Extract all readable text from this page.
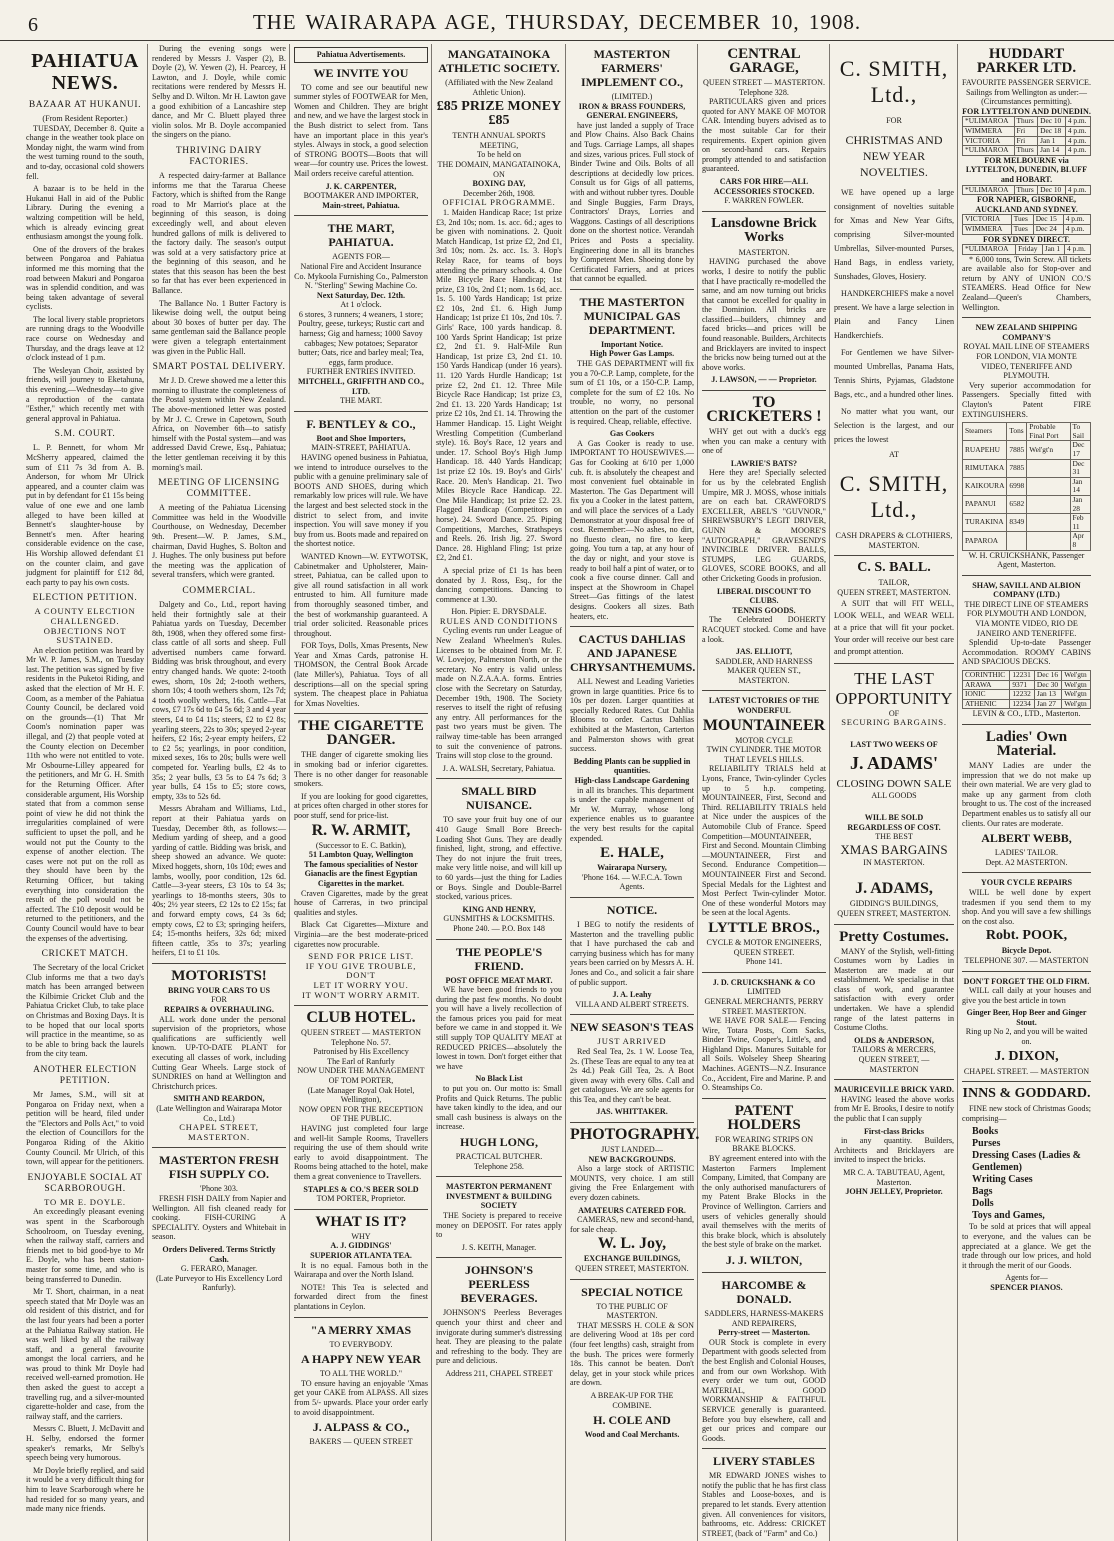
6	THE WAIRARAPA AGE, THURSDAY, DECEMBER 10, 1908.
PAHIATUA NEWS.
BAZAAR AT HUKANUI.
(From Resident Reporter.)

TUESDAY, December 8. Quite a change in the weather took place on Monday night, the warm wind from the west turning round to the south, and to-day, occasional cold showers fell.

A bazaar is to be held in the Hukanui Hall in aid of the Public Library. During the evening a waltzing competition will be held, which is already evincing great enthusiasm amongst the young folk.

One of the drovers of the brakes between Pongaroa and Pahiatua informed me this morning that the road between Makuri and Pongaroa was in splendid condition, and was being taken advantage of several cyclists.

The local livery stable proprietors are running drags to the Woodville race course on Wednesday and Thursday, and the drags leave at 12 o'clock instead of 1 p.m.

The Wesleyan Choir, assisted by friends, will journey to Eketahuna, this evening,—Wednesday—to give a reproduction of the cantata "Esther," which recently met with general approval in Pahiatua.

S.M. COURT.

L. P. Bennett, for whom Mr McSherry appeared, claimed the sum of £11 7s 3d from A. B. Anderson, for whom Mr Ulrick appeared, and a counter claim was put in by defendant for £1 15s being value of one ewe and one lamb alleged to have been killed at Bennett's slaughter-house by Bennett's men. After hearing considerable evidence on the case, His Worship allowed defendant £1 on the counter claim, and gave judgment for plaintiff for £12 8d, each party to pay his own costs.

ELECTION PETITION.
A COUNTY ELECTION CHALLENGED.
OBJECTIONS NOT SUSTAINED.

An election petition was heard by Mr W. P. James, S.M., on Tuesday last. The petition was signed by five residents in the Puketoi Riding, and asked that the election of Mr H. F. Coom, as a member of the Pahiatua County Council, be declared void on the grounds—(1) That Mr Coom's nomination paper was illegal, and (2) that people voted at the County election on December 11th who were not entitled to vote. Mr Osbourne-Lilley appeared for the petitioners, and Mr G. H. Smith for the Returning Officer. After considerable argument, His Worship stated that from a common sense point of view he did not think the irregularities complained of were sufficient to upset the poll, and he would not put the County to the expense of another election. The cases were not put on the roll as they should have been by the Returning Officer, but taking everything into consideration the result of the poll would not be affected. The £10 deposit would be returned to the petitioners, and the County Council would have to bear the expenses of the advertising.

CRICKET MATCH.

The Secretary of the local Cricket Club informs me that a two day's match has been arranged between the Kilbirnie Cricket Club and the Pahiatua Cricket Club, to take place on Christmas and Boxing Days. It is to be hoped that our local sports will practice in the meantime, so as to be able to bring back the laurels from the city team.

ANOTHER ELECTION PETITION.

Mr James, S.M., will sit at Pongaroa on Friday next, when a petition will be heard, filed under the "Electors and Polls Act," to void the election of Councillors for the Pongaroa Riding of the Akitio County Council. Mr Ulrich, of this town, will appear for the petitioners.

ENJOYABLE SOCIAL AT SCARBOROUGH.
TO MR E. DOYLE.

An exceedingly pleasant evening was spent in the Scarborough Schoolroom, on Tuesday evening, when the railway staff, carriers and friends met to bid good-bye to Mr E. Doyle, who has been station-master for some time, and who is being transferred to Dunedin.

Mr T. Short, chairman, in a neat speech stated that Mr Doyle was an old resident of this district, and for the last four years had been a porter at the Pahiatua Railway station. He was well liked by all the railway staff, and a general favourite amongst the local carriers, and he was proud to think Mr Doyle had received well-earned promotion. He then asked the guest to accept a travelling rug, and a silver-mounted cigarette-holder and case, from the railway staff, and the carriers.

Messrs C. Bluett, J. McDavitt and H. Selby, endorsed the former speaker's remarks, Mr Selby's speech being very humorous.

Mr Doyle briefly replied, and said it would be a very difficult thing for him to leave Scarborough where he had resided for so many years, and made many nice friends.

During the evening songs were rendered by Messrs J. Vasper (2), B. Doyle (2), W. Yewen (2), H. Pearcey, H Lawton, and J. Doyle, while comic recitations were rendered by Messrs H. Selby and D. Wilton. Mr H. Lawton gave a good exhibition of a Lancashire step dance, and Mr C. Bluett played three violin solos. Mr B. Doyle accompanied the singers on the piano.

THRIVING DAIRY FACTORIES.

A respected dairy-farmer at Ballance informs me that the Tararua Cheese Factory, which is shifted from the Range road to Mr Marriot's place at the beginning of this season, is doing exceedingly well, and about eleven hundred gallons of milk is delivered to the factory daily. The season's output was sold at a very satisfactory price at the beginning of this season, and he states that this season has been the best so far that has ever been experienced in Ballance.

The Ballance No. 1 Butter Factory is likewise doing well, the output being about 30 boxes of butter per day. The same gentleman said the Ballance people were given a telegraph entertainment was given in the Public Hall.

SMART POSTAL DELIVERY.

Mr J. D. Crewe showed me a letter this morning to illustrate the completeness of the Postal system within New Zealand. The above-mentioned letter was posted by Mr J. C. Crewe in Capetown, South Africa, on November 6th—to satisfy himself with the Postal system—and was addressed David Crewe, Esq., Pahiatua; the letter gentleman receiving it by this morning's mail.

MEETING OF LICENSING COMMITTEE.

A meeting of the Pahiatua Licensing Committee was held in the Woodville Courthouse, on Wednesday, December 9th. Present—W. P. James, S.M., chairman, David Hughes, S. Bolton and J. Hughes. The only business put before the meeting was the application of several transfers, which were granted.

COMMERCIAL.

Dalgety and Co., Ltd., report having held their fortnightly sale at their Pahiatua yards on Tuesday, December 8th, 1908, when they offered some first-class cattle of all sorts and sheep. Full advertised numbers came forward. Bidding was brisk throughout, and every entry changed hands. We quote: 2-tooth ewes, shorn, 10s 2d; 2-tooth wethers, shorn 10s; 4 tooth wethers shorn, 12s 7d; 4 tooth woolly wethers, 16s. Cattle—Fat cows, £7 17s 6d to £4 5s 6d; 3 and 4 year steers, £4 to £4 11s; steers, £2 to £2 8s; yearling steers, 22s to 30s; speyed 2-year heifers, £2 16s; 2-year empty heifers, £2 to £2 5s; yearlings, in poor condition, mixed sexes, 16s to 20s; bulls were well competed for. Yearling bulls, £2 4s to 35s; 2 year bulls, £3 5s to £4 7s 6d; 3 year bulls, £4 15s to £5; store cows, empty, 33s to 52s 6d.

Messrs Abraham and Williams, Ltd., report at their Pahiatua yards on Tuesday, December 8th, as follows:—Medium yarding of sheep, and a good yarding of cattle. Bidding was brisk, and sheep showed an advance. We quote: Mixed hoggets, shorn, 10s 10d; ewes and lambs, woolly, poor condition, 12s 6d. Cattle—3-year steers, £3 10s to £4 3s; yearlings to 18-months steers, 30s to 40s; 2½ year steers, £2 12s to £2 15s; fat and forward empty cows, £4 3s 6d; empty cows, £2 to £3; springing heifers, £4; 15-months heifers, 32s 6d; mixed fifteen cattle, 35s to 37s; yearling heifers, £1 to £1 10s.

MOTORISTS!
BRING YOUR CARS TO US
FOR
REPAIRS & OVERHAULING.

ALL work done under the personal supervision of the proprietors, whose qualifications are sufficiently well known. UP-TO-DATE PLANT for executing all classes of work, including Cutting Gear Wheels. Large stock of SUNDRIES on hand at Wellington and Christchurch prices.

SMITH AND REARDON,
(Late Wellington and Wairarapa Motor Co., Ltd.)
CHAPEL STREET, MASTERTON.
MASTERTON FRESH FISH SUPPLY CO.
'Phone 303.

FRESH FISH DAILY from Napier and Wellington. All fish cleaned ready for cooking. FISH-CURING A SPECIALITY. Oysters and Whitebait in season.

Orders Delivered. Terms Strictly Cash.
G. FERARO, Manager.
(Late Purveyor to His Excellency Lord Ranfurly).
Pahiatua Advertisements.
WE INVITE YOU

TO come and see our beautiful new summer styles of FOOTWEAR for Men, Women and Children. They are bright and new, and we have the largest stock in the Bush district to select from. Tans have an important place in this year's styles. Always in stock, a good selection of STRONG BOOTS—Boots that will wear—for country use. Prices the lowest. Mail orders receive careful attention.

J. K. CARPENTER,
BOOTMAKER AND IMPORTER,
Main-street, Pahiatua.
THE MART, PAHIATUA.
AGENTS FOR—
National Fire and Accident Insurance Co. Mykoola Furnishing Co., Palmerston N. "Sterling" Sewing Machine Co.
Next Saturday, Dec. 12th.
At 1 o'clock.
6 stores, 3 runners; 4 weaners, 1 store; Poultry, geese, turkeys; Rustic cart and harness; Gig and harness; 1000 Savoy cabbages; New potatoes; Separator butter; Oats, rice and barley meal; Tea, eggs, farm produce.
FURTHER ENTRIES INVITED.
MITCHELL, GRIFFITH AND CO., LTD.
THE MART.
F. BENTLEY & CO.,
Boot and Shoe Importers,
MAIN-STREET, PAHIATUA.

HAVING opened business in Pahiatua, we intend to introduce ourselves to the public with a genuine preliminary sale of BOOTS AND SHOES, during which remarkably low prices will rule. We have the largest and best selected stock in the district to select from, and invite inspection. You will save money if you buy from us. Boots made and repaired on the shortest notice.

WANTED Known—W. EYTWOTSK, Cabinetmaker and Upholsterer, Main-street, Pahiatua, can be called upon to give all round satisfaction in all work entrusted to him. All furniture made from thoroughly seasoned timber, and the best of workmanship guaranteed. A trial order solicited. Reasonable prices throughout.

FOR Toys, Dolls, Xmas Presents, New Year and Xmas Cards, patronise H. THOMSON, the Central Book Arcade (late Miller's), Pahiatua. Toys of all descriptions—all on the special spring system. The cheapest place in Pahiatua for Xmas Novelties.

THE CIGARETTE DANGER.

THE danger of cigarette smoking lies in smoking bad or inferior cigarettes. There is no other danger for reasonable smokers.

If you are looking for good cigarettes, at prices often charged in other stores for poor stuff, send for price-list.

R. W. ARMIT,
(Successor to E. C. Batkin),
51 Lambton Quay, Wellington
The famous specialities of Nestor Gianaclis are the finest Egyptian Cigarettes in the market.

Craven Cigarettes, made by the great house of Carreras, in two principal qualities and styles.

Black Cat Cigarettes—Mixture and Virginia—are the best moderate-priced cigarettes now procurable.

SEND FOR PRICE LIST.
IF YOU GIVE TROUBLE, DON'T
LET IT WORRY YOU.
IT WON'T WORRY ARMIT.
CLUB HOTEL.
QUEEN STREET — MASTERTON
Telephone No. 57.
Patronised by His Excellency
The Earl of Ranfurly
NOW UNDER THE MANAGEMENT OF TOM PORTER,
(Late Manager Royal Oak Hotel, Wellington),
NOW OPEN FOR THE RECEPTION OF THE PUBLIC.

HAVING just completed four large and well-lit Sample Rooms, Travellers requiring the use of them should write early to avoid disappointment. The Rooms being attached to the hotel, make them a great convenience to Travellers.

STAPLES & CO.'S BEER SOLD
TOM PORTER, Proprietor.
WHAT IS IT?
WHY
A. J. GIDDINGS'
SUPERIOR ATLANTA TEA.

It is no equal. Famous both in the Wairarapa and over the North Island.

NOTE! This Tea is selected and forwarded direct from the finest plantations in Ceylon.

"A MERRY XMAS
TO EVERYBODY.
A HAPPY NEW YEAR
TO ALL THE WORLD."

TO ensure having an enjoyable 'Xmas get your CAKE from ALPASS. All sizes from 5/- upwards. Place your order early to avoid disappointment.

J. ALPASS & CO.,
BAKERS — QUEEN STREET
MANGATAINOKA ATHLETIC SOCIETY.
(Affiliated with the New Zealand Athletic Union).
£85 PRIZE MONEY £85
TENTH ANNUAL SPORTS MEETING,
To be held on
THE DOMAIN, MANGATAINOKA, ON
BOXING DAY,
December 26th, 1908.
OFFICIAL PROGRAMME.

1. Maiden Handicap Race; 1st prize £3, 2nd 10s; nom. 1s. acc. 6d.; ages to be given with nominations. 2. Quoit Match Handicap, 1st prize £2, 2nd £1, 3rd 10s; nom. 2s. acc. 1s. 3. Hop's Relay Race, for teams of boys attending the primary schools. 4. One Mile Bicycle Race Handicap; 1st prize, £3 10s, 2nd £1; nom. 1s 6d, acc. 1s. 5. 100 Yards Handicap; 1st prize £2 10s, 2nd £1. 6. High Jump Handicap; 1st prize £1 10s, 2nd 10s. 7. Girls' Race, 100 yards handicap. 8. 100 Yards Sprint Handicap; 1st prize £2, 2nd £1. 9. Half-Mile Run Handicap, 1st prize £3, 2nd £1. 10. 150 Yards Handicap (under 16 years). 11. 120 Yards Hurdle Handicap; 1st prize £2, 2nd £1. 12. Three Mile Bicycle Race Handicap; 1st prize £3, 2nd £1. 13. 220 Yards Handicap; 1st prize £2 10s, 2nd £1. 14. Throwing the Hammer Handicap. 15. Light Weight Wrestling Competition (Cumberland style). 16. Boy's Race, 12 years and under. 17. School Boy's High Jump Handicap. 18. 440 Yards Handicap; 1st prize £2 10s. 19. Boy's and Girls' Race. 20. Men's Handicap. 21. Two Miles Bicycle Race Handicap. 22. One Mile Handicap; 1st prize £2. 23. Flagged Handicap (Competitors on horse). 24. Sword Dance. 25. Piping Competitions, Marches, Strathspeys and Reels. 26. Irish Jig. 27. Sword Dance. 28. Highland Fling; 1st prize £2, 2nd £1.

A special prize of £1 1s has been donated by J. Ross, Esq., for the dancing competitions. Dancing to commence at 1.30.

Hon. Pipier: E. DRYSDALE.
RULES AND CONDITIONS

Cycling events run under League of New Zealand Wheelmen's Rules. Licenses to be obtained from Mr. F. W. Lovejoy, Palmerston North, or the secretary. No entry is valid unless made on N.Z.A.A.A. forms. Entries close with the Secretary on Saturday, December 19th, 1908. The Society reserves to itself the right of refusing any entry. All performances for the past two years must be given. The railway time-table has been arranged to suit the convenience of patrons. Trains will stop close to the ground.

J. A. WALSH, Secretary, Pahiatua.
SMALL BIRD NUISANCE.

TO save your fruit buy one of our 410 Gauge Small Bore Breech-Loading Shot Guns. They are deadly finished, light, strong, and effective. They do not injure the fruit trees, make very little noise, and will kill up to 60 yards—just the thing for Ladies or Boys. Single and Double-Barrel stocked, various prices.

KING AND HENRY,
GUNSMITHS & LOCKSMITHS.
Phone 240. — P.O. Box 148
THE PEOPLE'S FRIEND.
POST OFFICE MEAT MART.

WE have been good friends to you during the past few months. No doubt you will have a lively recollection of the famous prices you paid for meat before we came in and stopped it. We still supply TOP QUALITY MEAT at REDUCED PRICES—absolutely the lowest in town. Don't forget either that we have

No Black List

to put you on. Our motto is: Small Profits and Quick Returns. The public have taken kindly to the idea, and our small cash business is always on the increase.

HUGH LONG,
PRACTICAL BUTCHER.
Telephone 258.
MASTERTON PERMANENT INVESTMENT & BUILDING SOCIETY

THE Society is prepared to receive money on DEPOSIT. For rates apply to

J. S. KEITH, Manager.
JOHNSON'S PEERLESS BEVERAGES.

JOHNSON'S Peerless Beverages quench your thirst and cheer and invigorate during summer's distressing heat. They are pleasing to the palate and refreshing to the body. They are pure and delicious.

Address 211, CHAPEL STREET
MASTERTON FARMERS' IMPLEMENT CO.,
(LIMITED.)
IRON & BRASS FOUNDERS, GENERAL ENGINEERS,

have just landed a supply of Trace and Plow Chains. Also Back Chains and Tugs. Carriage Lamps, all shapes and sizes, various prices. Full stock of Binder Twine and Oils. Bolts of all descriptions at decidedly low prices. Consult us for Gigs of all patterns, with and without rubber tyres. Double and Single Buggies, Farm Drays, Contractors' Drays, Lorries and Waggons. Castings of all descriptions done on the shortest notice. Verandah Prices and Posts a speciality. Engineering done in all its branches by Competent Men. Shoeing done by Certificated Farriers, and at prices that cannot be equalled.

THE MASTERTON MUNICIPAL GAS DEPARTMENT.
Important Notice.
High Power Gas Lamps.

THE GAS DEPARTMENT will fix you a 70-C.P. Lamp, complete, for the sum of £1 10s, or a 150-C.P. Lamp, complete for the sum of £2 10s. No trouble, no worry, no personal attention on the part of the customer is required. Cheap, reliable, effective.

Gas Cookers

A Gas Cooker is ready to use. IMPORTANT TO HOUSEWIVES.—Gas for Cooking at 6/10 per 1,000 cub. ft. is absolutely the cheapest and most convenient fuel obtainable in Masterton. The Gas Department will fix you a Cooker in the latest pattern, and will place the services of a Lady Demonstrator at your disposal free of cost. Remember:—No ashes, no dirt, no fluesto clean, no fire to keep going. You turn a tap, at any hour of the day or night, and your stove is ready to boil half a pint of water, or to cook a five course dinner. Call and inspect at the Showroom in Chapel Street—Gas fittings of the latest designs. Cookers all sizes. Bath heaters, etc.

CACTUS DAHLIAS AND JAPANESE CHRYSANTHEMUMS.

ALL Newest and Leading Varieties grown in large quantities. Price 6s to 10s per dozen. Larger quantities at specially Reduced Rates. Cut Dahlia Blooms to order. Cactus Dahlias exhibited at the Masterton, Carterton and Palmerston shows with great success.

Bedding Plants can be supplied in quantities.
High-class Landscape Gardening

in all its branches. This department is under the capable management of Mr W. Murray, whose long experience enables us to guarantee the very best results for the capital expended.

E. HALE,
Wairarapa Nursery,
'Phone 164. — W.F.C.A. Town Agents.
NOTICE.

I BEG to notify the residents of Masterton and the travelling public that I have purchased the cab and carrying business which has for many years been carried on by Messrs A. H. Jones and Co., and solicit a fair share of public support.

J. A. Leahy
VILLA AND ALBERT STREETS.
NEW SEASON'S TEAS
JUST ARRIVED

Red Seal Tea, 2s. 1 W. Loose Tea, 2s. (These Teas are equal to any tea at 2s 4d.) Peak Gill Tea, 2s. A Boot given away with every 6lbs. Call and get catalogues. We are sole agents for this Tea, and they can't be beat.

JAS. WHITTAKER.
PHOTOGRAPHY.
JUST LANDED—
NEW BACKGROUNDS.

Also a large stock of ARTISTIC MOUNTS, very choice. I am still giving the Free Enlargement with every dozen cabinets.

AMATEURS CATERED FOR.

CAMERAS, new and second-hand, for sale cheap.

W. L. Joy,
EXCHANGE BUILDINGS,
QUEEN STREET, MASTERTON.
SPECIAL NOTICE
TO THE PUBLIC OF MASTERTON.

THAT MESSRS H. COLE & SON are delivering Wood at 18s per cord (four feet lengths) cash, straight from the bush. The prices were formerly 18s. This cannot be beaten. Don't delay, get in your stock while prices are down.

A BREAK-UP FOR THE COMBINE.
H. COLE AND
Wood and Coal Merchants.
CENTRAL GARAGE,
QUEEN STREET — MASTERTON.
Telephone 328.

PARTICULARS given and prices quoted for ANY MAKE OF MOTOR CAR. Intending buyers advised as to the most suitable Car for their requirements. Expert opinion given on second-hand cars. Repairs promptly attended to and satisfaction guaranteed.

CARS FOR HIRE—ALL ACCESSORIES STOCKED.
F. WARREN FOWLER.
Lansdowne Brick Works
MASTERTON.

HAVING purchased the above works, I desire to notify the public that I have practically re-modelled the same, and am now turning out bricks that cannot be excelled for quality in the Dominion. All bricks are classified—builders, chimney and faced bricks—and prices will be found reasonable. Builders, Architects and Bricklayers are invited to inspect the bricks now being turned out at the above works.

J. LAWSON, — — Proprietor.
TO CRICKETERS !

WHY get out with a duck's egg when you can make a century with one of

LAWRIE'S BATS?

Here they are! Specially selected for us by the celebrated English Umpire, MR J. MOSS, whose initials are on each bat. CRAWFORD'S EXCELLER, ABEL'S "GUVNOR," SHREWSBURY'S LEGIT DRIVER, GUNN & MOORE'S "AUTOGRAPH," GRAVESEND'S INVINCIBLE DRIVER. BALLS, STUMPS, LEG GUARDS, GLOVES, SCORE BOOKS, and all other Cricketing Goods in profusion.

LIBERAL DISCOUNT TO CLUBS.
TENNIS GOODS.

The Celebrated DOHERTY RACQUET stocked. Come and have a look.

JAS. ELLIOTT,
SADDLER, AND HARNESS MAKER QUEEN ST., MASTERTON.
LATEST VICTORIES OF THE WONDERFUL
MOUNTAINEER
MOTOR CYCLE
TWIN CYLINDER. THE MOTOR THAT LEVELS HILLS.

RELIABILITY TRIALS held at Lyons, France, Twin-cylinder Cycles up to 5 h.p. competing. MOUNTAINEER, First, Second and Third. RELIABILITY TRIALS held at Nice under the auspices of the Automobile Club of France. Speed Competition—MOUNTAINEER, First and Second. Mountain Climbing—MOUNTAINEER, First and Second. Endurance Competition—MOUNTAINEER First and Second. Special Medals for the Lightest and Most Perfect Twin-cylinder Motor. One of these wonderful Motors may be seen at the local Agents.

LYTTLE BROS.,
CYCLE & MOTOR ENGINEERS, QUEEN STREET.
Phone 141.
J. D. CRUICKSHANK & CO
LIMITED
GENERAL MERCHANTS, PERRY STREET. MASTERTON.

WE HAVE FOR SALE— Fencing Wire, Totara Posts, Corn Sacks, Binder Twine, Cooper's, Little's, and Highland Dips. Manures Suitable for all Soils. Wolseley Sheep Shearing Machines. AGENTS—N.Z. Insurance Co., Accident, Fire and Marine. P. and O. Steamships Co.

PATENT HOLDERS
FOR WEARING STRIPS ON BRAKE BLOCKS.

BY agreement entered into with the Masterton Farmers Implement Company, Limited, that Company are the only authorised manufacturers of my Patent Brake Blocks in the Province of Wellington. Carriers and users of vehicles generally should avail themselves with the merits of this brake block, which is absolutely the best style of brake on the market.

J. J. WILTON,
HARCOMBE & DONALD.
SADDLERS, HARNESS-MAKERS AND REPAIRERS,
Perry-street — Masterton.

OUR Stock is complete in every Department with goods selected from the best English and Colonial Houses, and from our own Workshop. With every order we turn out, GOOD MATERIAL, GOOD WORKMANSHIP & FAITHFUL SERVICE generally is guaranteed. Before you buy elsewhere, call and get our prices and compare our Goods.

LIVERY STABLES

MR EDWARD JONES wishes to notify the public that he has first class Stables and Loose-boxes, and is prepared to let stands. Every attention given. All conveniences for visitors, bathrooms, etc. Address: CRICKET STREET, (back of "Farm" and Co.)

C. SMITH, Ltd.,
FOR
CHRISTMAS AND NEW YEAR NOVELTIES.

WE have opened up a large consignment of novelties suitable for Xmas and New Year Gifts, comprising Silver-mounted Umbrellas, Silver-mounted Purses, Hand Bags, in endless variety, Sunshades, Gloves, Hosiery.

HANDKERCHIEFS make a novel present. We have a large selection in Plain and Fancy Linen Handkerchiefs.

For Gentlemen we have Silver-mounted Umbrellas, Panama Hats, Tennis Shirts, Pyjamas, Gladstone Bags, etc., and a hundred other lines.

No matter what you want, our Selection is the largest, and our prices the lowest

AT
C. SMITH, Ltd.,
CASH DRAPERS & CLOTHIERS,
MASTERTON.
C. S. BALL.
TAILOR,
QUEEN STREET, MASTERTON.

A SUIT that will FIT WELL, LOOK WELL, and WEAR WELL at a price that will fit your pocket. Your order will receive our best care and prompt attention.

THE LAST OPPORTUNITY
OF
SECURING BARGAINS.
LAST TWO WEEKS OF
J. ADAMS'
CLOSING DOWN SALE
ALL GOODS
WILL BE SOLD
REGARDLESS OF COST.
THE BEST
XMAS BARGAINS
IN MASTERTON.
J. ADAMS,
GIDDING'S BUILDINGS,
QUEEN STREET, MASTERTON.
Pretty Costumes.

MANY of the Stylish, well-fitting Costumes worn by Ladies in Masterton are made at our establishment. We specialise in that class of work, and guarantee satisfaction with every order undertaken. We have a splendid range of the latest patterns in Costume Cloths.

OLDS & ANDERSON,
TAILORS & MERCERS,
QUEEN STREET, — MASTERTON
MAURICEVILLE BRICK YARD.

HAVING leased the above works from Mr E. Brooks, I desire to notify the public that I can supply

First-class Bricks

in any quantity. Builders, Architects and Bricklayers are invited to inspect the bricks.

MR C. A. TABUTEAU, Agent, Masterton.
JOHN JELLEY, Proprietor.
HUDDART PARKER LTD.
FAVOURITE PASSENGER SERVICE.
Sailings from Wellington as under:—(Circumstances permitting).
FOR LYTTELTON AND DUNEDIN.
*ULIMAROA	Thurs	Dec 10	4 p.m.
WIMMERA	Fri	Dec 18	4 p.m.
VICTORIA	Fri	Jan 1	4 p.m.
*ULIMAROA	Thurs	Jan 14	4 p.m.
FOR MELBOURNE via LYTTELTON, DUNEDIN, BLUFF and HOBART.
*ULIMAROA	Thurs	Dec 10	4 p.m.
FOR NAPIER, GISBORNE, AUCKLAND AND SYDNEY.
VICTORIA	Tues	Dec 15	4 p.m.
WIMMERA	Tues	Dec 24	4 p.m.
FOR SYDNEY DIRECT.
*ULIMAROA	Friday	Jan 1	4 p.m.

* 6,000 tons, Twin Screw. All tickets are available also for Stop-over and return by ANY of UNION CO.'S STEAMERS. Head Office for New Zealand—Queen's Chambers, Wellington.

NEW ZEALAND SHIPPING COMPANY'S
ROYAL MAIL LINE OF STEAMERS FOR LONDON, VIA MONTE VIDEO, TENERIFFE AND PLYMOUTH.

Very superior accommodation for Passengers. Specially fitted with Clayton's Patent FIRE EXTINGUISHERS.

Steamers	Tons	Probable Final Port	To Sail
RUAPEHU	7885	Wel'gt'n	Dec 17
RIMUTAKA	7885		Dec 31
KAIKOURA	6998		Jan 14
PAPANUI	6582		Jan 28
TURAKINA	8349		Feb 11
PAPAROA			Apr 8
W. H. CRUICKSHANK, Passenger Agent, Masterton.
SHAW, SAVILL AND ALBION COMPANY (LTD.)
THE DIRECT LINE OF STEAMERS FOR PLYMOUTH AND LONDON, VIA MONTE VIDEO, RIO DE JANEIRO AND TENERIFFE.

Splendid Up-to-date Passenger Accommodation. ROOMY CABINS AND SPACIOUS DECKS.

CORINTHIC	12231	Dec 16	Wel'gtn
ARAWA	9371	Dec 30	Wel'gtn
IONIC	12232	Jan 13	Wel'gtn
ATHENIC	12234	Jan 27	Wel'gtn
LEVIN & CO., LTD., Masterton.
Ladies' Own Material.

MANY Ladies are under the impression that we do not make up their own material. We are very glad to make up any garment from cloth brought to us. The cost of the increased Department enables us to satisfy all our clients. Our rates are moderate.

ALBERT WEBB,
LADIES' TAILOR.
Dept. A2 MASTERTON.
YOUR CYCLE REPAIRS

WILL be well done by expert tradesmen if you send them to my shop. And you will save a few shillings on the cost also.

Robt. POOK,
Bicycle Depot.
TELEPHONE 307. — MASTERTON
DON'T FORGET THE OLD FIRM.

WILL call daily at your houses and give you the best article in town

Ginger Beer, Hop Beer and Ginger Stout.
Ring up No 2, and you will be waited on.
J. DIXON,
CHAPEL STREET. — MASTERTON
INNS & GODDARD.

FINE new stock of Christmas Goods; comprising—

Books
Purses
Dressing Cases (Ladies & Gentlemen)
Writing Cases
Bags
Dolls
Toys and Games,

To be sold at prices that will appeal to everyone, and the values can be appreciated at a glance. We get the trade through our low prices, and hold it through the merit of our Goods.

Agents for—
SPENCER PIANOS.
